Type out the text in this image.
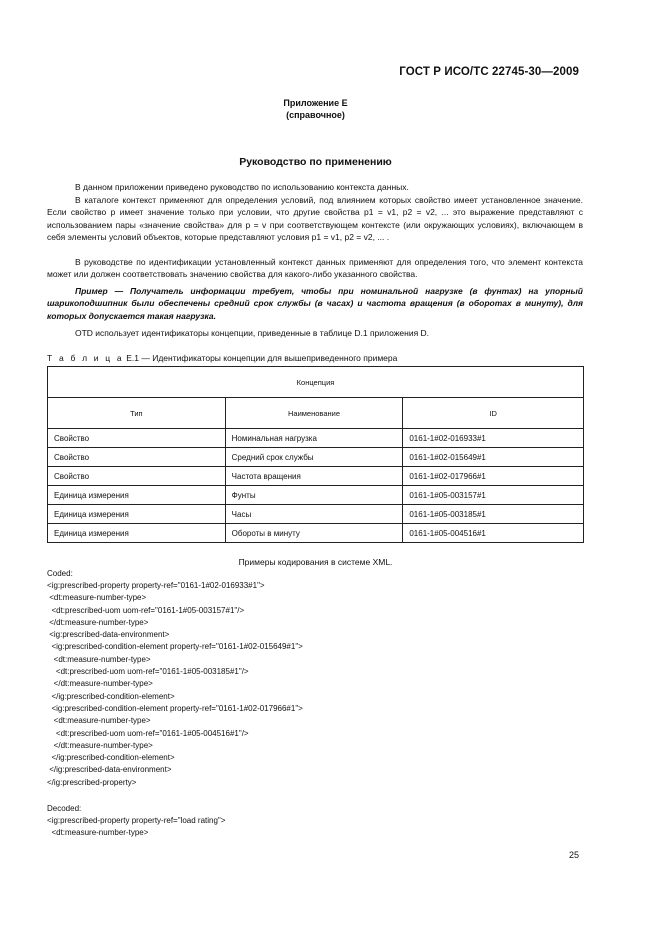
ГОСТ Р ИСО/ТС 22745-30—2009
Приложение Е
(справочное)
Руководство по применению
В данном приложении приведено руководство по использованию контекста данных.
В каталоге контекст применяют для определения условий, под влиянием которых свойство имеет установленное значение. Если свойство p имеет значение только при условии, что другие свойства p1 = v1, p2 = v2, ... это выражение представляют с использованием пары «значение свойства» для p = v при соответствующем контексте (или окружающих условиях), включающем в себя элементы условий объектов, которые представляют условия p1 = v1, p2 = v2, ... .
В руководстве по идентификации установленный контекст данных применяют для определения того, что элемент контекста может или должен соответствовать значению свойства для какого-либо указанного свойства.
Пример — Получатель информации требует, чтобы при номинальной нагрузке (в фунтах) на упорный шарикоподшипник были обеспечены средний срок службы (в часах) и частота вращения (в оборотах в минуту), для которых допускается такая нагрузка.
OTD использует идентификаторы концепции, приведенные в таблице D.1 приложения D.
Т а б л и ц а Е.1 — Идентификаторы концепции для вышеприведенного примера
Концепция		
Тип	Наименование	ID
Свойство	Номинальная нагрузка	0161-1#02-016933#1
Свойство	Средний срок службы	0161-1#02-015649#1
Свойство	Частота вращения	0161-1#02-017966#1
Единица измерения	Фунты	0161-1#05-003157#1
Единица измерения	Часы	0161-1#05-003185#1
Единица измерения	Обороты в минуту	0161-1#05-004516#1
Примеры кодирования в системе XML.
Coded:
<ig:prescribed-property property-ref="0161-1#02-016933#1">
<dt:measure-number-type>
<dt:prescribed-uom uom-ref="0161-1#05-003157#1"/>
</dt:measure-number-type>
<ig:prescribed-data-environment>
<ig:prescribed-condition-element property-ref="0161-1#02-015649#1">
<dt:measure-number-type>
<dt:prescribed-uom uom-ref="0161-1#05-003185#1"/>
</dt:measure-number-type>
</ig:prescribed-condition-element>
<ig:prescribed-condition-element property-ref="0161-1#02-017966#1">
<dt:measure-number-type>
<dt:prescribed-uom uom-ref="0161-1#05-004516#1"/>
</dt:measure-number-type>
</ig:prescribed-condition-element>
</ig:prescribed-data-environment>
</ig:prescribed-property>
Decoded:
<ig:prescribed-property property-ref="load rating">
<dt:measure-number-type>
25
